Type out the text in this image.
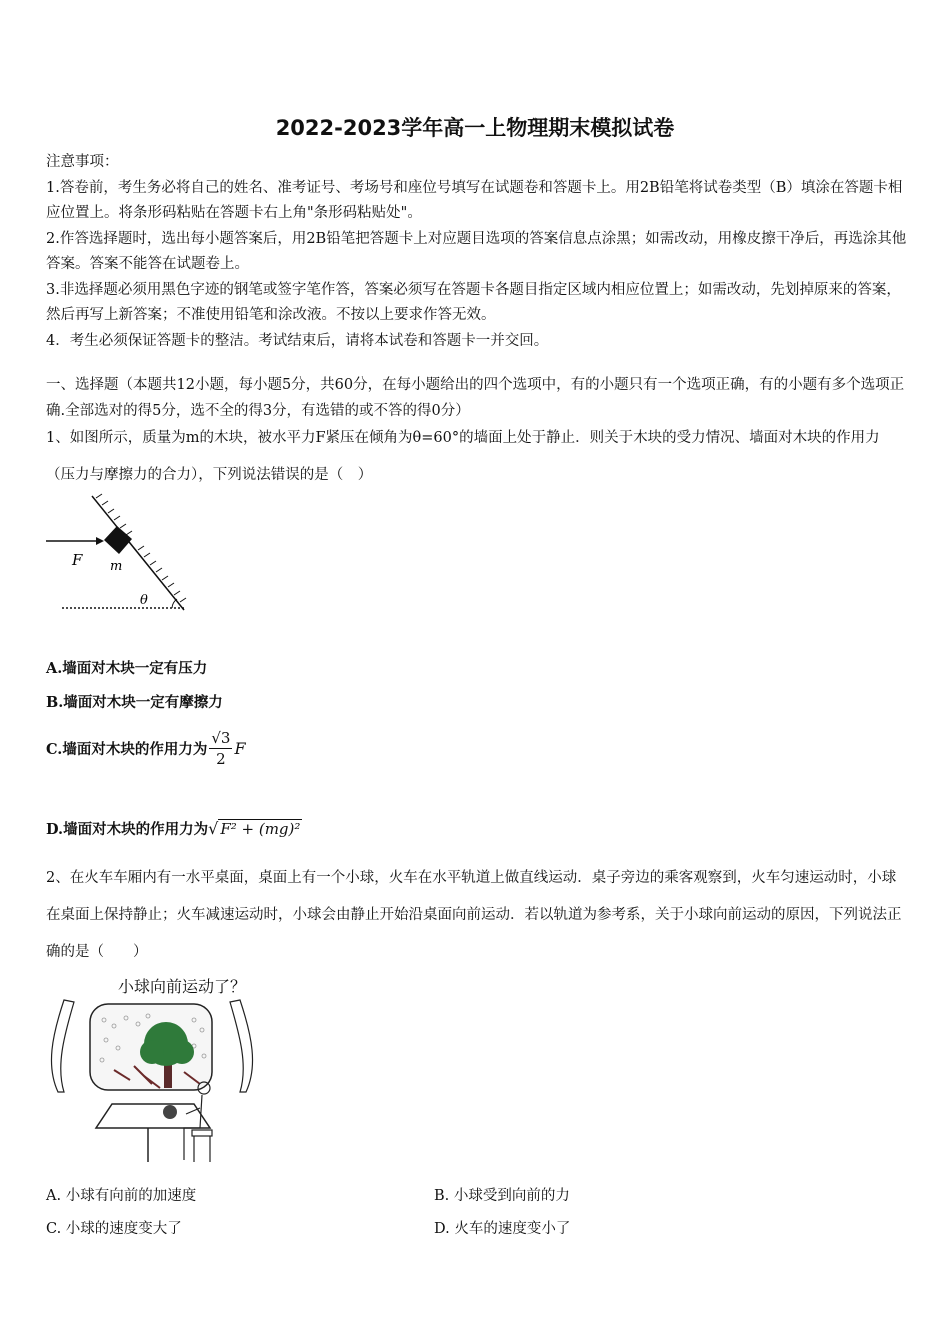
2022-2023学年高一上物理期末模拟试卷

注意事项：

1.答卷前，考生务必将自己的姓名、准考证号、考场号和座位号填写在试题卷和答题卡上。用2B铅笔将试卷类型（B）填涂在答题卡相应位置上。将条形码粘贴在答题卡右上角"条形码粘贴处"。

2.作答选择题时，选出每小题答案后，用2B铅笔把答题卡上对应题目选项的答案信息点涂黑；如需改动，用橡皮擦干净后，再选涂其他答案。答案不能答在试题卷上。

3.非选择题必须用黑色字迹的钢笔或签字笔作答，答案必须写在答题卡各题目指定区域内相应位置上；如需改动，先划掉原来的答案，然后再写上新答案；不准使用铅笔和涂改液。不按以上要求作答无效。

4．考生必须保证答题卡的整洁。考试结束后，请将本试卷和答题卡一并交回。

一、选择题（本题共12小题，每小题5分，共60分，在每小题给出的四个选项中，有的小题只有一个选项正确，有的小题有多个选项正确.全部选对的得5分，选不全的得3分，有选错的或不答的得0分）

1、如图所示，质量为m的木块，被水平力F紧压在倾角为θ=60°的墙面上处于静止．则关于木块的受力情况、墙面对木块的作用力（压力与摩擦力的合力），下列说法错误的是（　）

F m
θ
A.墙面对木块一定有压力
B.墙面对木块一定有摩擦力
C.墙面对木块的作用力为 $\frac{√3}{2}$ F
D.墙面对木块的作用力为√ F² + (mg)²

2、在火车车厢内有一水平桌面，桌面上有一个小球，火车在水平轨道上做直线运动．桌子旁边的乘客观察到，火车匀速运动时，小球在桌面上保持静止；火车减速运动时，小球会由静止开始沿桌面向前运动．若以轨道为参考系，关于小球向前运动的原因，下列说法正确的是（　　）

小球向前运动了？
A. 小球有向前的加速度	B. 小球受到向前的力
C. 小球的速度变大了	D. 火车的速度变小了
